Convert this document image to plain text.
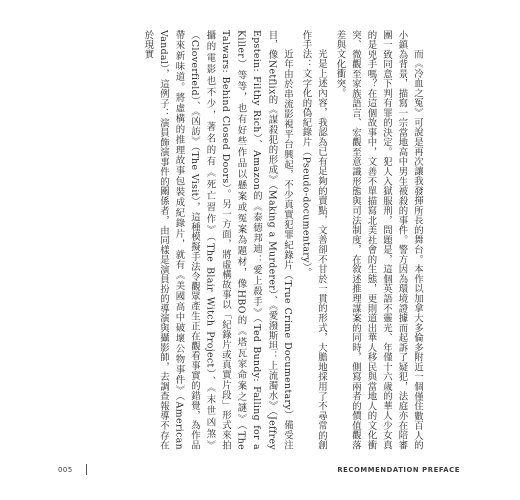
而《冷血之冤》可說是再次讓我發揮所長的舞台。本作以加拿大多倫多附近一個僅住數百人的小鎮為背景，描寫一宗當地高中男生被殺的事件。警方因為環境證據而起訴了疑犯，法庭亦在陪審團一致同意下判有罪的決定。犯人入獄服刑，問題是，這個英語不靈光、年僅十六歲的華人少女真的是兇手嗎？在這個故事中，文善不單描寫北美社會的生態，更則道出華人移民與當地人的文化衝突、微觀至家族語言、宏觀至意識形態與司法制度，在敘述推理謀案的同時，側寫兩者的價值觀落差與文化衝突。

光是上述內容，我認為已有足夠的賣點，文善卻不甘於一貫的形式，大膽地採用了不尋常的創作手法：文字化的偽紀錄片（Pseudo-documentary）。

近年由於串流影視平台興起，不少真實犯罪紀錄片（True Crime Documentary）備受注目，像Netflix的《謀殺犯的形成》（Making a Murderer）、《愛潑斯坦：上流濁水》（Jeffrey Epstein: Filthy Rich）、Amazon的《泰德邦迪：愛上殺手》（Ted Bundy: Falling for a Killer）等等，也有好些作品以懸案或冤案為題材，像HBO的《塔瓦家命案之謎》（The Talwars: Behind Closed Doors）。另一方面，將虛構故事以「紀錄片或真實片段」形式來拍攝的電影也不少，著名的有《死亡習作》（The Blair Witch Project）、《末世凶煞》（Cloverfield）、《凶訪》（The Visit），這種模擬手法令觀眾產生正在觀看事實的錯覺，為作品帶來新味道。將虛構的推理故事包裝成紀錄片，就有《美國高中破壞公物事件》（American Vandal），這例子：演員飾演事件的關係者，由同樣是演員扮的導演與攝影師，去調查報導不存在於現實

005	RECOMMENDATION PREFACE
